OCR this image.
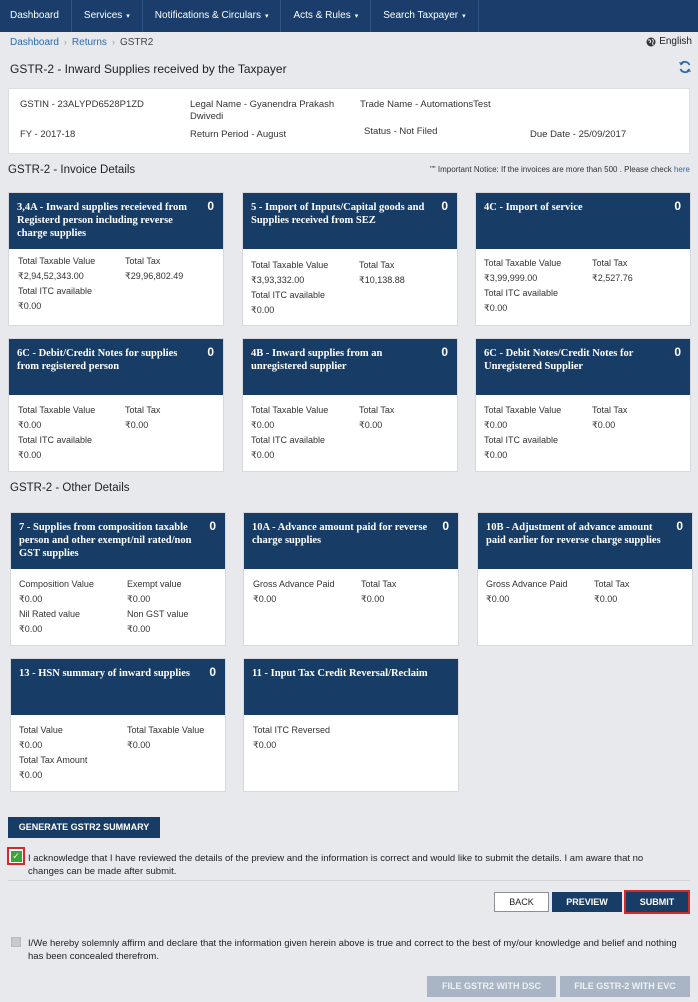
Dashboard	Services ▾	Notifications & Circulars ▾	Acts & Rules ▾	Search Taxpayer ▾
Dashboard › Returns › GSTR2	English
GSTR-2 - Inward Supplies received by the Taxpayer
GSTIN - 23ALYPD6528P1ZD	Legal Name - Gyanendra Prakash Dwivedi
Trade Name - AutomationsTest
FY - 2017-18	Return Period - August	Status - Not Filed	Due Date - 25/09/2017
GSTR-2 - Invoice Details	"" Important Notice: If the invoices are more than 500 . Please check here
3,4A - Inward supplies receieved from Registerd person including reverse charge supplies
0
Total Taxable Value	Total Tax
₹2,94,52,343.00	₹29,96,802.49
Total ITC available
₹0.00
5 - Import of Inputs/Capital goods and Supplies received from SEZ
0
Total Taxable Value	Total Tax
₹3,93,332.00	₹10,138.88
Total ITC available
₹0.00
4C - Import of service	0
Total Taxable Value	Total Tax
₹3,99,999.00	₹2,527.76
Total ITC available
₹0.00
6C - Debit/Credit Notes for supplies from registered person
0
Total Taxable Value	Total Tax
₹0.00	₹0.00
Total ITC available
₹0.00
4B - Inward supplies from an unregistered supplier
0
Total Taxable Value	Total Tax
₹0.00	₹0.00
Total ITC available
₹0.00
6C - Debit Notes/Credit Notes for Unregistered Supplier
0
Total Taxable Value	Total Tax
₹0.00	₹0.00
Total ITC available
₹0.00
GSTR-2 - Other Details
7 - Supplies from composition taxable person and other exempt/nil rated/non GST supplies
0
Composition Value	Exempt value
₹0.00	₹0.00
Nil Rated value	Non GST value
₹0.00	₹0.00
10A - Advance amount paid for reverse charge supplies
0
Gross Advance Paid	Total Tax
₹0.00	₹0.00
10B - Adjustment of advance amount paid earlier for reverse charge supplies
0
Gross Advance Paid	Total Tax
₹0.00	₹0.00
13 - HSN summary of inward supplies 0
Total Value	Total Taxable Value
₹0.00	₹0.00
Total Tax Amount
₹0.00
11 - Input Tax Credit Reversal/Reclaim
Total ITC Reversed
₹0.00
GENERATE GSTR2 SUMMARY
✓ I acknowledge that I have reviewed the details of the preview and the information is correct and would like to submit the details. I am aware that no changes can be made after submit.
BACK	PREVIEW	SUBMIT
I/We hereby solemnly affirm and declare that the information given herein above is true and correct to the best of my/our knowledge and belief and nothing has been concealed therefrom.
FILE GSTR2 WITH DSC	FILE GSTR-2 WITH EVC
